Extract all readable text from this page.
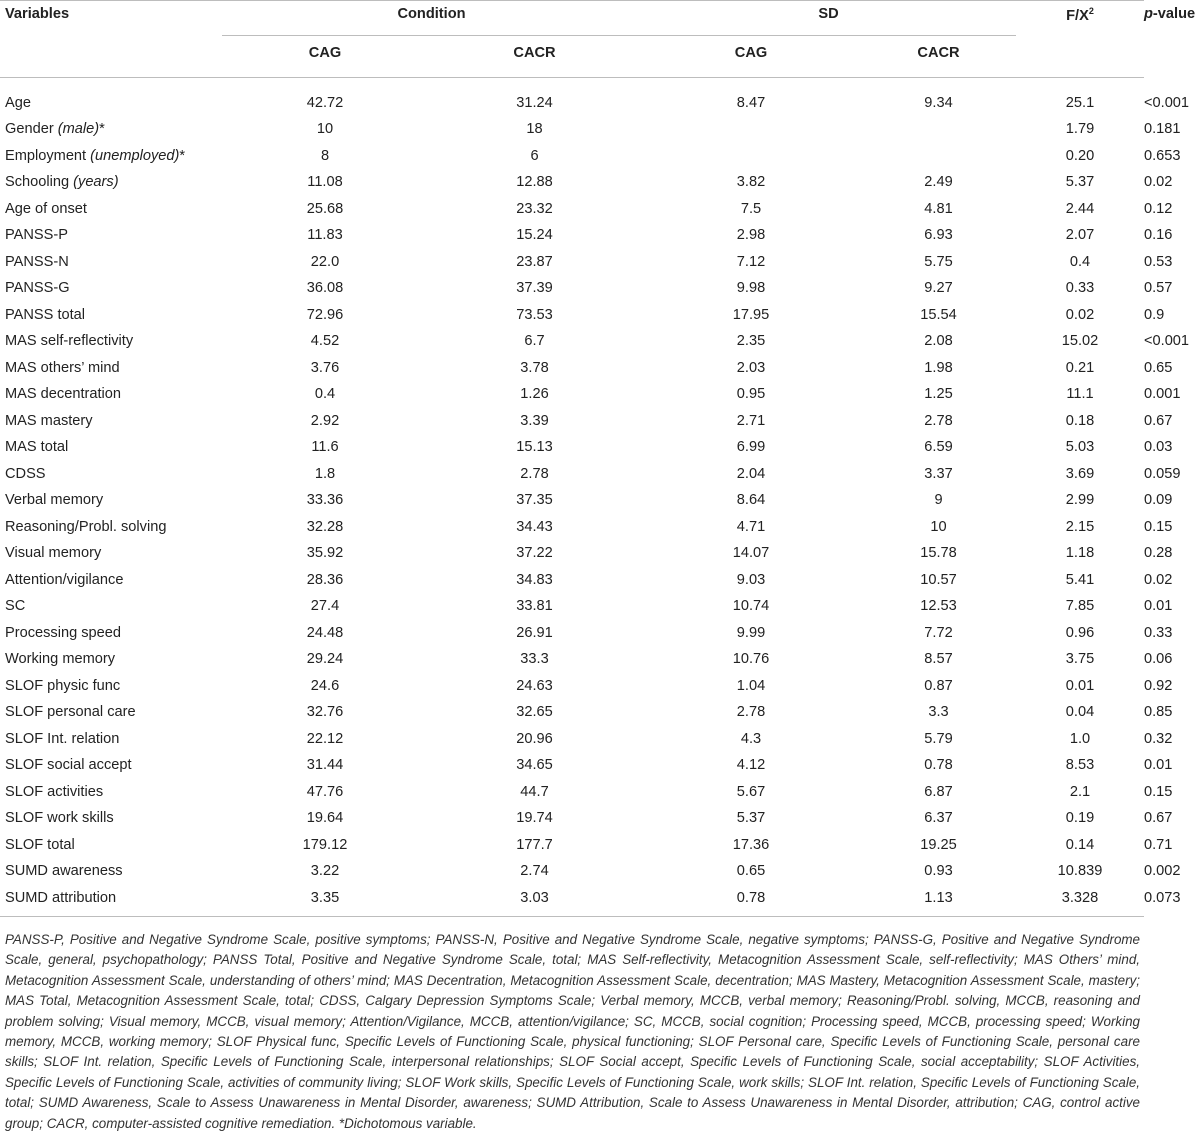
Variables	Condition		SD		$F/X^2$	p-value
	CAG	CACR	CAG	CACR		
Age	42.72	31.24	8.47	9.34	25.1	<0.001
Gender (male)*	10	18			1.79	0.181
Employment (unemployed)*	8	6			0.20	0.653
Schooling (years)	11.08	12.88	3.82	2.49	5.37	0.02
Age of onset	25.68	23.32	7.5	4.81	2.44	0.12
PANSS-P	11.83	15.24	2.98	6.93	2.07	0.16
PANSS-N	22.0	23.87	7.12	5.75	0.4	0.53
PANSS-G	36.08	37.39	9.98	9.27	0.33	0.57
PANSS total	72.96	73.53	17.95	15.54	0.02	0.9
MAS self-reflectivity	4.52	6.7	2.35	2.08	15.02	<0.001
MAS others’ mind	3.76	3.78	2.03	1.98	0.21	0.65
MAS decentration	0.4	1.26	0.95	1.25	11.1	0.001
MAS mastery	2.92	3.39	2.71	2.78	0.18	0.67
MAS total	11.6	15.13	6.99	6.59	5.03	0.03
CDSS	1.8	2.78	2.04	3.37	3.69	0.059
Verbal memory	33.36	37.35	8.64	9	2.99	0.09
Reasoning/Probl. solving	32.28	34.43	4.71	10	2.15	0.15
Visual memory	35.92	37.22	14.07	15.78	1.18	0.28
Attention/vigilance	28.36	34.83	9.03	10.57	5.41	0.02
SC	27.4	33.81	10.74	12.53	7.85	0.01
Processing speed	24.48	26.91	9.99	7.72	0.96	0.33
Working memory	29.24	33.3	10.76	8.57	3.75	0.06
SLOF physic func	24.6	24.63	1.04	0.87	0.01	0.92
SLOF personal care	32.76	32.65	2.78	3.3	0.04	0.85
SLOF Int. relation	22.12	20.96	4.3	5.79	1.0	0.32
SLOF social accept	31.44	34.65	4.12	0.78	8.53	0.01
SLOF activities	47.76	44.7	5.67	6.87	2.1	0.15
SLOF work skills	19.64	19.74	5.37	6.37	0.19	0.67
SLOF total	179.12	177.7	17.36	19.25	0.14	0.71
SUMD awareness	3.22	2.74	0.65	0.93	10.839	0.002
SUMD attribution	3.35	3.03	0.78	1.13	3.328	0.073
PANSS-P, Positive and Negative Syndrome Scale, positive symptoms; PANSS-N, Positive and Negative Syndrome Scale, negative symptoms; PANSS-G, Positive and Negative Syndrome Scale, general, psychopathology; PANSS Total, Positive and Negative Syndrome Scale, total; MAS Self-reflectivity, Metacognition Assessment Scale, self-reflectivity; MAS Others’ mind, Metacognition Assessment Scale, understanding of others’ mind; MAS Decentration, Metacognition Assessment Scale, decentration; MAS Mastery, Metacognition Assessment Scale, mastery; MAS Total, Metacognition Assessment Scale, total; CDSS, Calgary Depression Symptoms Scale; Verbal memory, MCCB, verbal memory; Reasoning/Probl. solving, MCCB, reasoning and problem solving; Visual memory, MCCB, visual memory; Attention/Vigilance, MCCB, attention/vigilance; SC, MCCB, social cognition; Processing speed, MCCB, processing speed; Working memory, MCCB, working memory; SLOF Physical func, Specific Levels of Functioning Scale, physical functioning; SLOF Personal care, Specific Levels of Functioning Scale, personal care skills; SLOF Int. relation, Specific Levels of Functioning Scale, interpersonal relationships; SLOF Social accept, Specific Levels of Functioning Scale, social acceptability; SLOF Activities, Specific Levels of Functioning Scale, activities of community living; SLOF Work skills, Specific Levels of Functioning Scale, work skills; SLOF Int. relation, Specific Levels of Functioning Scale, total; SUMD Awareness, Scale to Assess Unawareness in Mental Disorder, awareness; SUMD Attribution, Scale to Assess Unawareness in Mental Disorder, attribution; CAG, control active group; CACR, computer-assisted cognitive remediation. *Dichotomous variable.
